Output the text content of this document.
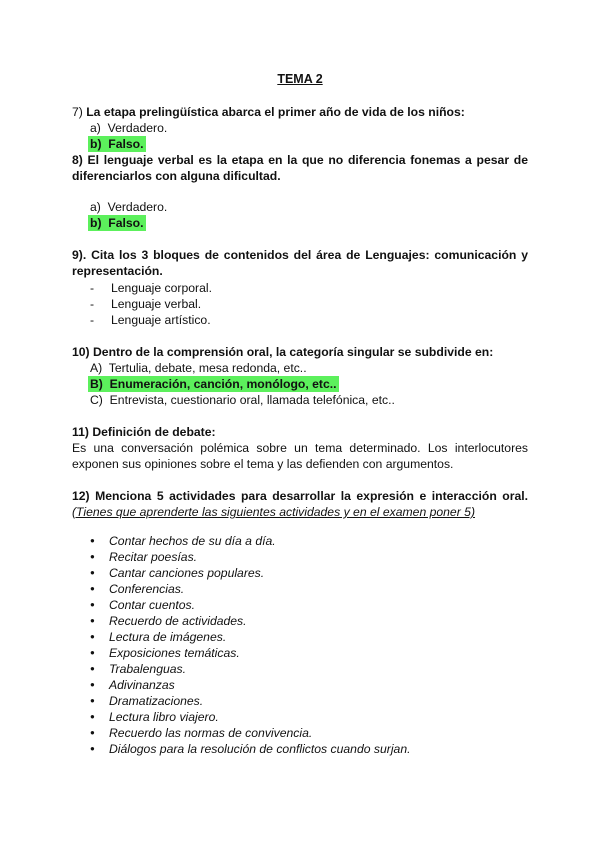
TEMA 2
7) La etapa prelingüística abarca el primer año de vida de los niños:
a) Verdadero.
b) Falso.
8) El lenguaje verbal es la etapa en la que no diferencia fonemas a pesar de
diferenciarlos con alguna dificultad.
a) Verdadero.
b) Falso.
9). Cita los 3 bloques de contenidos del área de Lenguajes: comunicación y
representación.
- Lenguaje corporal.
- Lenguaje verbal.
- Lenguaje artístico.
10) Dentro de la comprensión oral, la categoría singular se subdivide en:
A) Tertulia, debate, mesa redonda, etc..
B) Enumeración, canción, monólogo, etc..
C) Entrevista, cuestionario oral, llamada telefónica, etc..
11) Definición de debate:
Es una conversación polémica sobre un tema determinado. Los interlocutores
exponen sus opiniones sobre el tema y las defienden con argumentos.
12) Menciona 5 actividades para desarrollar la expresión e interacción oral.
(Tienes que aprenderte las siguientes actividades y en el examen poner 5)
● Contar hechos de su día a día.
● Recitar poesías.
● Cantar canciones populares.
● Conferencias.
● Contar cuentos.
● Recuerdo de actividades.
● Lectura de imágenes.
● Exposiciones temáticas.
● Trabalenguas.
● Adivinanzas
● Dramatizaciones.
● Lectura libro viajero.
● Recuerdo las normas de convivencia.
● Diálogos para la resolución de conflictos cuando surjan.
